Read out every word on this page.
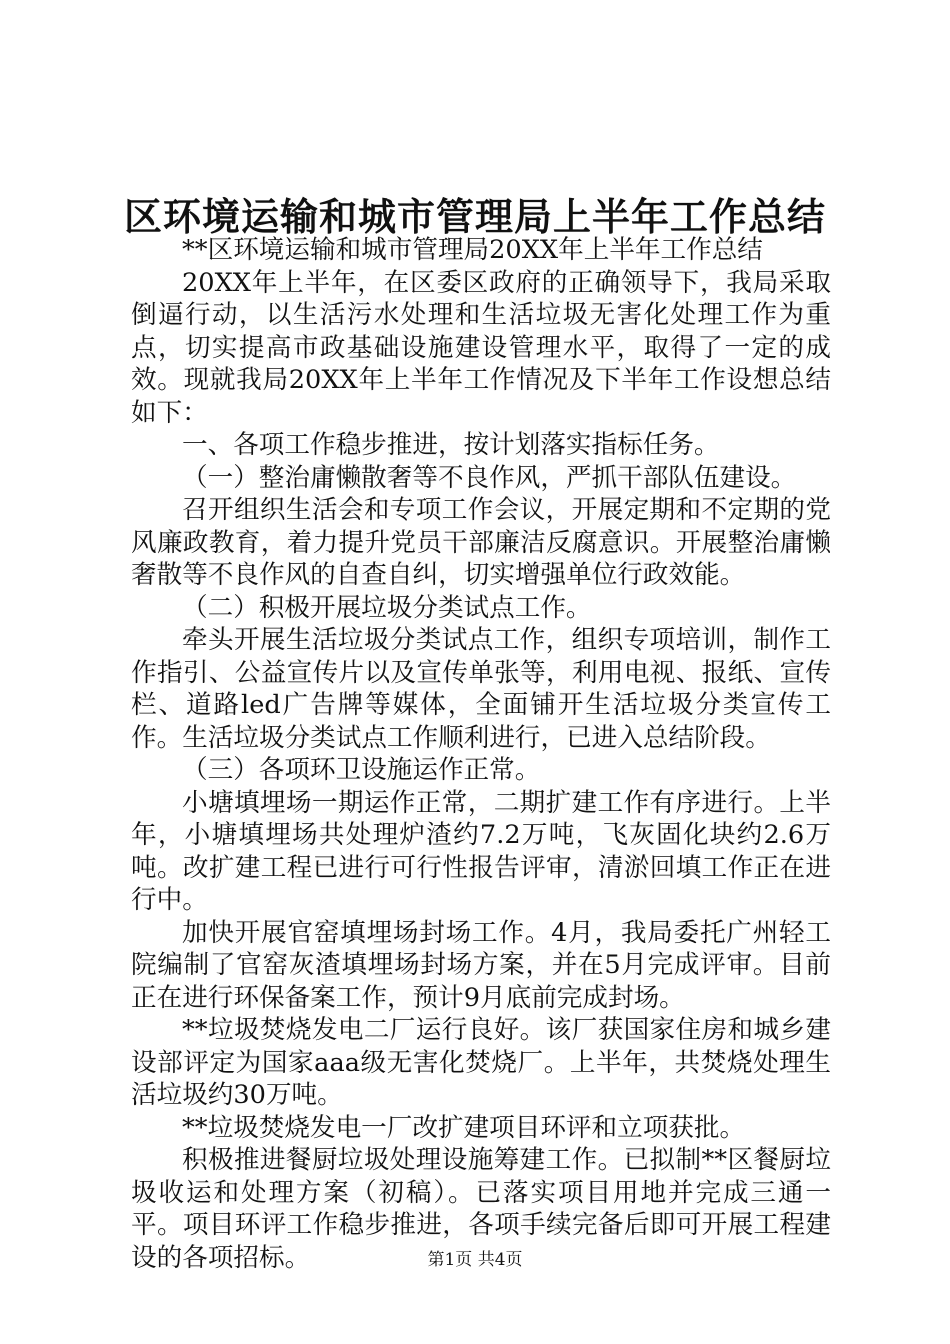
区环境运输和城市管理局上半年工作总结

**区环境运输和城市管理局20XX年上半年工作总结

20XX年上半年，在区委区政府的正确领导下，我局采取倒逼行动，以生活污水处理和生活垃圾无害化处理工作为重点，切实提高市政基础设施建设管理水平，取得了一定的成效。现就我局20XX年上半年工作情况及下半年工作设想总结如下：

一、各项工作稳步推进，按计划落实指标任务。

（一）整治庸懒散奢等不良作风，严抓干部队伍建设。

召开组织生活会和专项工作会议，开展定期和不定期的党风廉政教育，着力提升党员干部廉洁反腐意识。开展整治庸懒奢散等不良作风的自查自纠，切实增强单位行政效能。

（二）积极开展垃圾分类试点工作。

牵头开展生活垃圾分类试点工作，组织专项培训，制作工作指引、公益宣传片以及宣传单张等，利用电视、报纸、宣传栏、道路led广告牌等媒体，全面铺开生活垃圾分类宣传工作。生活垃圾分类试点工作顺利进行，已进入总结阶段。

（三）各项环卫设施运作正常。

小塘填埋场一期运作正常，二期扩建工作有序进行。上半年，小塘填埋场共处理炉渣约7.2万吨，飞灰固化块约2.6万吨。改扩建工程已进行可行性报告评审，清淤回填工作正在进行中。

加快开展官窑填埋场封场工作。4月，我局委托广州轻工院编制了官窑灰渣填埋场封场方案，并在5月完成评审。目前正在进行环保备案工作，预计9月底前完成封场。

**垃圾焚烧发电二厂运行良好。该厂获国家住房和城乡建设部评定为国家aaa级无害化焚烧厂。上半年，共焚烧处理生活垃圾约30万吨。

**垃圾焚烧发电一厂改扩建项目环评和立项获批。

积极推进餐厨垃圾处理设施筹建工作。已拟制**区餐厨垃圾收运和处理方案（初稿）。已落实项目用地并完成三通一平。项目环评工作稳步推进，各项手续完备后即可开展工程建设的各项招标。	第1页 共4页
